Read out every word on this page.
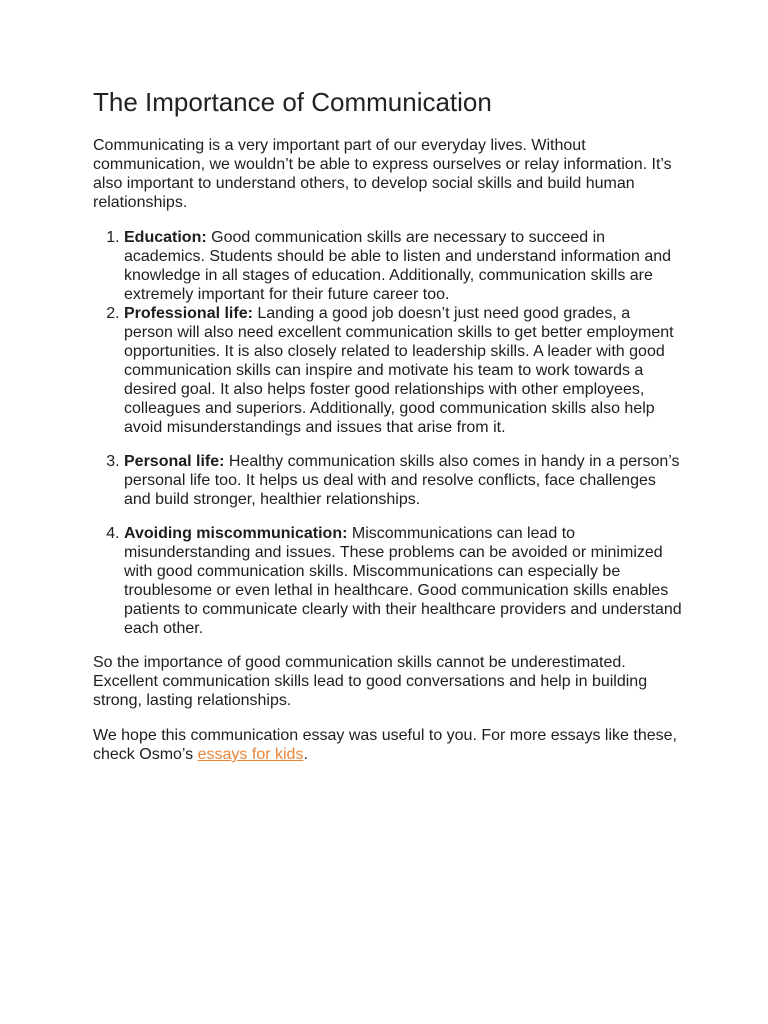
The Importance of Communication

Communicating is a very important part of our everyday lives. Without communication, we wouldn’t be able to express ourselves or relay information. It’s also important to understand others, to develop social skills and build human relationships.

1. Education: Good communication skills are necessary to succeed in academics. Students should be able to listen and understand information and knowledge in all stages of education. Additionally, communication skills are extremely important for their future career too.
2. Professional life: Landing a good job doesn’t just need good grades, a person will also need excellent communication skills to get better employment opportunities. It is also closely related to leadership skills. A leader with good communication skills can inspire and motivate his team to work towards a desired goal. It also helps foster good relationships with other employees, colleagues and superiors. Additionally, good communication skills also help avoid misunderstandings and issues that arise from it.
3. Personal life: Healthy communication skills also comes in handy in a person’s personal life too. It helps us deal with and resolve conflicts, face challenges and build stronger, healthier relationships.
4. Avoiding miscommunication: Miscommunications can lead to misunderstanding and issues. These problems can be avoided or minimized with good communication skills. Miscommunications can especially be troublesome or even lethal in healthcare. Good communication skills enables patients to communicate clearly with their healthcare providers and understand each other.

So the importance of good communication skills cannot be underestimated. Excellent communication skills lead to good conversations and help in building strong, lasting relationships.

We hope this communication essay was useful to you. For more essays like these, check Osmo’s essays for kids.
